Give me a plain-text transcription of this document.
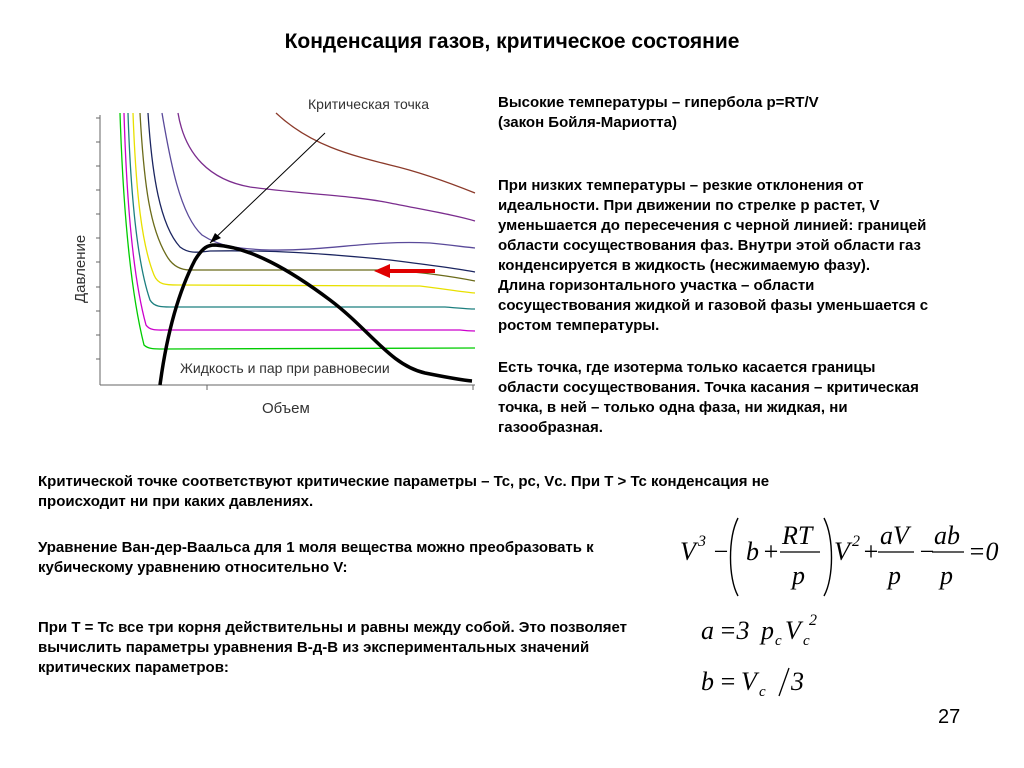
Конденсация газов, критическое состояние
Критическая точка
Жидкость и пар при равновесии
Объем
Давление
Высокие температуры – гипербола p=RT/V
(закон Бойля-Мариотта)
При низких температуры – резкие отклонения от
идеальности. При движении по стрелке р растет, V
уменьшается до пересечения с черной линией: границей
области сосуществования фаз. Внутри этой области газ
конденсируется в жидкость (несжимаемую фазу).
Длина горизонтального участка – области
сосуществования жидкой и газовой фазы уменьшается с
ростом температуры.
Есть точка, где изотерма только касается границы
области сосуществования. Точка касания – критическая
точка, в ней – только одна фаза, ни жидкая, ни
газообразная.
Критической точке соответствуют критические параметры – Tc, pc, Vc. При T > Tc конденсация не
происходит ни при каких давлениях.
Уравнение Ван-дер-Ваальса для 1 моля вещества можно преобразовать к
кубическому уравнению относительно V:
При T = Tc все три корня действительны и равны между собой. Это позволяет
вычислить параметры уравнения В-д-В из экспериментальных значений
критических параметров:
V 3 − b +
RT
p
V 2 +
aV
p
−
ab
p
=0
a =3 p c V c
2
b = V c 3
27
